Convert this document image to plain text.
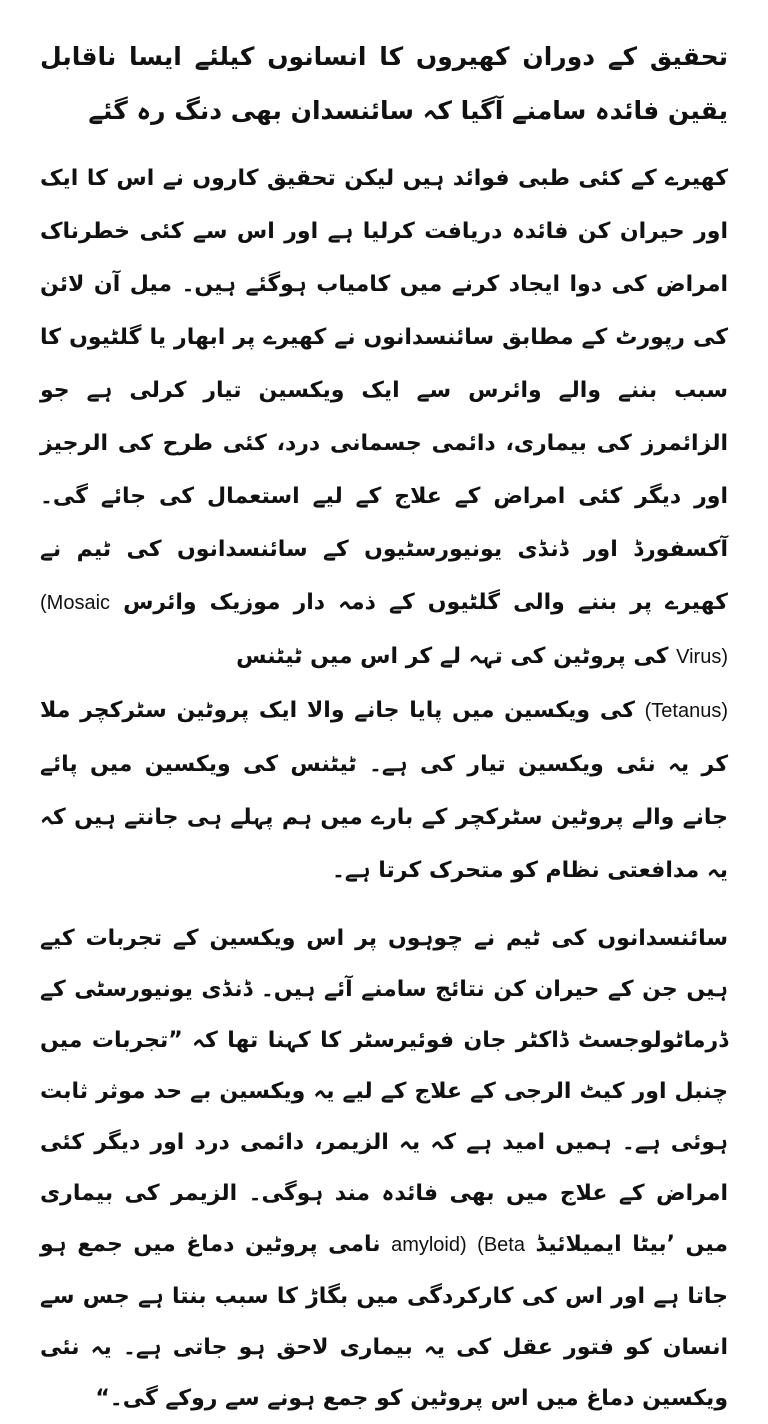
تحقیق کے دوران کھیروں کا انسانوں کیلئے ایسا ناقابل یقین فائدہ سامنے آگیا کہ سائنسدان بھی دنگ رہ گئے

کھیرے کے کئی طبی فوائد ہیں لیکن تحقیق کاروں نے اس کا ایک اور حیران کن فائدہ دریافت کرلیا ہے اور اس سے کئی خطرناک امراض کی دوا ایجاد کرنے میں کامیاب ہوگئے ہیں۔ میل آن لائن کی رپورٹ کے مطابق سائنسدانوں نے کھیرے پر ابھار یا گلٹیوں کا سبب بننے والے وائرس سے ایک ویکسین تیار کرلی ہے جو الزائمرز کی بیماری، دائمی جسمانی درد، کئی طرح کی الرجیز اور دیگر کئی امراض کے علاج کے لیے استعمال کی جائے گی۔ آکسفورڈ اور ڈنڈی یونیورسٹیوں کے سائنسدانوں کی ٹیم نے کھیرے پر بننے والی گلٹیوں کے ذمہ دار موزیک وائرس (Mosaic Virus) کی پروٹین کی تہہ لے کر اس میں ٹیٹنس

(Tetanus) کی ویکسین میں پایا جانے والا ایک پروٹین سٹرکچر ملا کر یہ نئی ویکسین تیار کی ہے۔ ٹیٹنس کی ویکسین میں پائے جانے والے پروٹین سٹرکچر کے بارے میں ہم پہلے ہی جانتے ہیں کہ یہ مدافعتی نظام کو متحرک کرتا ہے۔

سائنسدانوں کی ٹیم نے چوہوں پر اس ویکسین کے تجربات کیے ہیں جن کے حیران کن نتائج سامنے آئے ہیں۔ ڈنڈی یونیورسٹی کے ڈرماٹولوجسٹ ڈاکٹر جان فوئیرسٹر کا کہنا تھا کہ ”تجربات میں چنبل اور کیٹ الرجی کے علاج کے لیے یہ ویکسین بے حد موثر ثابت ہوئی ہے۔ ہمیں امید ہے کہ یہ الزیمر، دائمی درد اور دیگر کئی امراض کے علاج میں بھی فائدہ مند ہوگی۔ الزیمر کی بیماری میں ’بیٹا ایمیلائیڈ (Beta amyloid) نامی پروٹین دماغ میں جمع ہو جاتا ہے اور اس کی کارکردگی میں بگاڑ کا سبب بنتا ہے جس سے انسان کو فتور عقل کی یہ بیماری لاحق ہو جاتی ہے۔ یہ نئی ویکسین دماغ میں اس پروٹین کو جمع ہونے سے روکے گی۔“
